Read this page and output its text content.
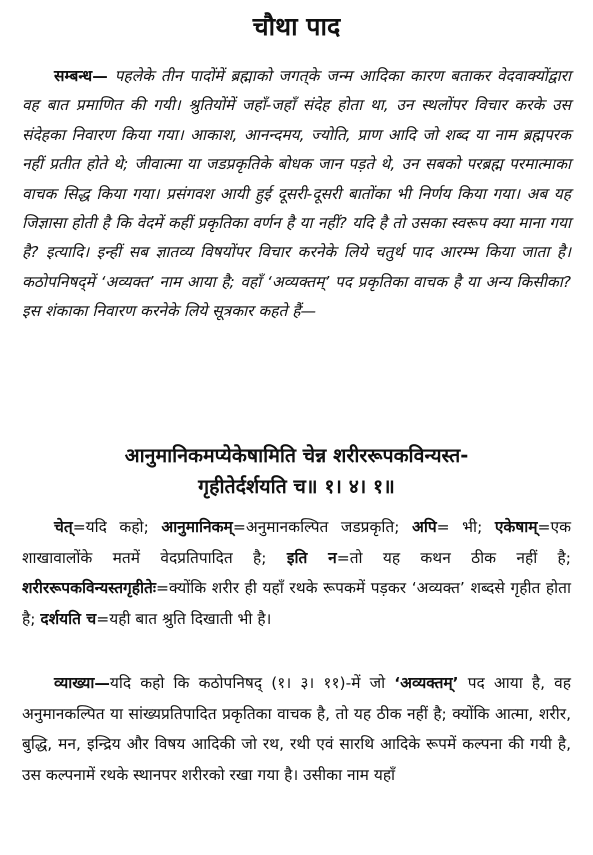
चौथा पाद

सम्बन्ध— पहलेके तीन पादोंमें ब्रह्माको जगत्‌के जन्म आदिका कारण बताकर वेदवाक्योंद्वारा वह बात प्रमाणित की गयी। श्रुतियोंमें जहाँ-जहाँ संदेह होता था, उन स्थलोंपर विचार करके उस संदेहका निवारण किया गया। आकाश, आनन्दमय, ज्योति, प्राण आदि जो शब्द या नाम ब्रह्मपरक नहीं प्रतीत होते थे; जीवात्मा या जडप्रकृतिके बोधक जान पड़ते थे, उन सबको परब्रह्म परमात्माका वाचक सिद्ध किया गया। प्रसंगवश आयी हुई दूसरी-दूसरी बातोंका भी निर्णय किया गया। अब यह जिज्ञासा होती है कि वेदमें कहीं प्रकृतिका वर्णन है या नहीं? यदि है तो उसका स्वरूप क्या माना गया है? इत्यादि। इन्हीं सब ज्ञातव्य विषयोंपर विचार करनेके लिये चतुर्थ पाद आरम्भ किया जाता है। कठोपनिषद्‌में ‘अव्यक्त’ नाम आया है; वहाँ ‘अव्यक्तम्’ पद प्रकृतिका वाचक है या अन्य किसीका? इस शंकाका निवारण करनेके लिये सूत्रकार कहते हैं—

आनुमानिकमप्येकेषामिति चेन्न शरीररूपकविन्यस्त-
गृहीतेर्दर्शयति च॥ १। ४। १॥

चेत्=यदि कहो; आनुमानिकम्=अनुमानकल्पित जडप्रकृति; अपि= भी; एकेषाम्=एक शाखावालोंके मतमें वेदप्रतिपादित है; इति न=तो यह कथन ठीक नहीं है; शरीररूपकविन्यस्तगृहीतेः=क्योंकि शरीर ही यहाँ रथके रूपकमें पड़कर ‘अव्यक्त’ शब्दसे गृहीत होता है; दर्शयति च=यही बात श्रुति दिखाती भी है।

व्याख्या—यदि कहो कि कठोपनिषद् (१। ३। ११)-में जो ‘अव्यक्तम्’ पद आया है, वह अनुमानकल्पित या सांख्यप्रतिपादित प्रकृतिका वाचक है, तो यह ठीक नहीं है; क्योंकि आत्मा, शरीर, बुद्धि, मन, इन्द्रिय और विषय आदिकी जो रथ, रथी एवं सारथि आदिके रूपमें कल्पना की गयी है, उस कल्पनामें रथके स्थानपर शरीरको रखा गया है। उसीका नाम यहाँ
